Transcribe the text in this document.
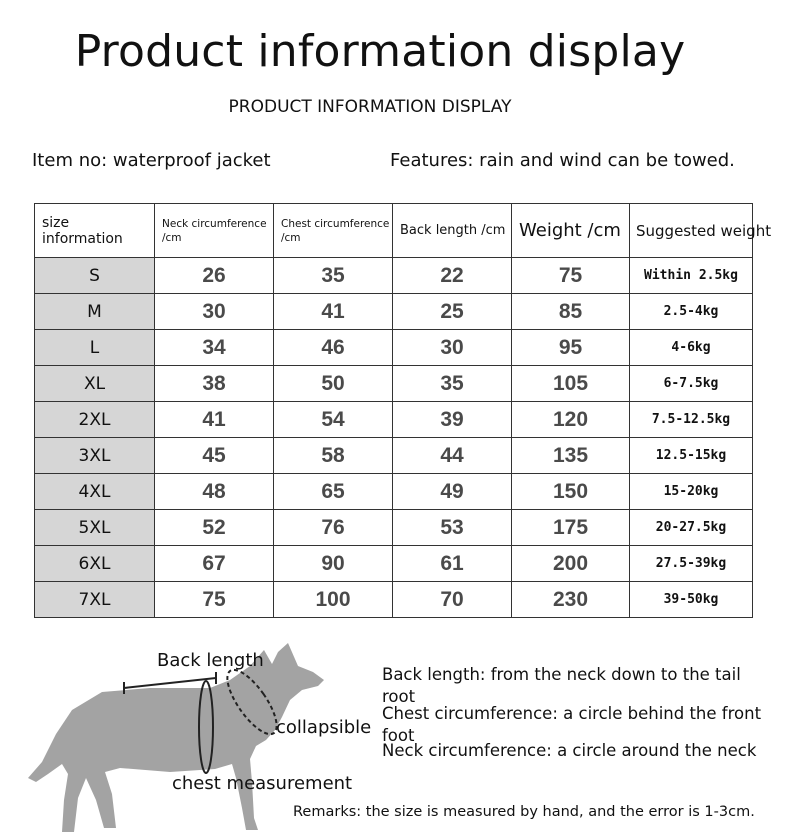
Product information display
PRODUCT INFORMATION DISPLAY
Item no: waterproof jacket	Features: rain and wind can be towed.
size information	Neck circumference /cm	Chest circumference /cm	Back length /cm	Weight /cm	Suggested weight
S	26	35	22	75	Within 2.5kg
M	30	41	25	85	2.5-4kg
L	34	46	30	95	4-6kg
XL	38	50	35	105	6-7.5kg
2XL	41	54	39	120	7.5-12.5kg
3XL	45	58	44	135	12.5-15kg
4XL	48	65	49	150	15-20kg
5XL	52	76	53	175	20-27.5kg
6XL	67	90	61	200	27.5-39kg
7XL	75	100	70	230	39-50kg
Back length
collapsible
chest measurement
Back length: from the neck down to the tail root
Chest circumference: a circle behind the front foot
Neck circumference: a circle around the neck
Remarks: the size is measured by hand, and the error is 1-3cm.
